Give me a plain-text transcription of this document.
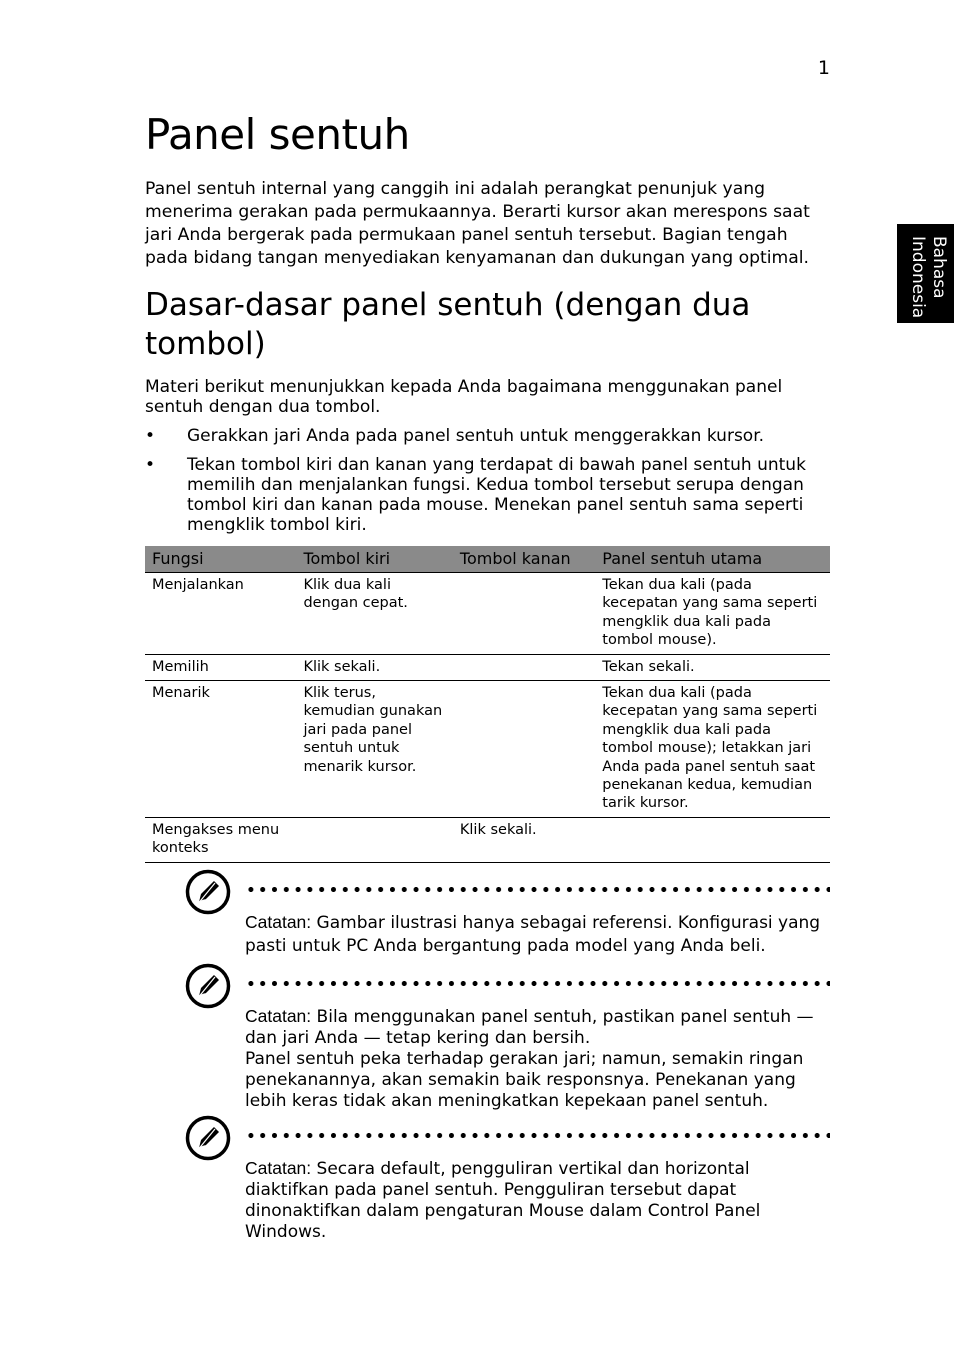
1
Bahasa Indonesia
Panel sentuh

Panel sentuh internal yang canggih ini adalah perangkat penunjuk yang menerima gerakan pada permukaannya. Berarti kursor akan merespons saat jari Anda bergerak pada permukaan panel sentuh tersebut. Bagian tengah pada bidang tangan menyediakan kenyamanan dan dukungan yang optimal.

Dasar-dasar panel sentuh (dengan dua tombol)

Materi berikut menunjukkan kepada Anda bagaimana menggunakan panel sentuh dengan dua tombol.

• Gerakkan jari Anda pada panel sentuh untuk menggerakkan kursor.
• Tekan tombol kiri dan kanan yang terdapat di bawah panel sentuh untuk memilih dan menjalankan fungsi. Kedua tombol tersebut serupa dengan tombol kiri dan kanan pada mouse. Menekan panel sentuh sama seperti mengklik tombol kiri.
Fungsi	Tombol kiri	Tombol kanan	Panel sentuh utama
Menjalankan	Klik dua kali dengan cepat.		Tekan dua kali (pada kecepatan yang sama seperti mengklik dua kali pada tombol mouse).
Memilih	Klik sekali.		Tekan sekali.
Menarik	Klik terus, kemudian gunakan jari pada panel sentuh untuk menarik kursor.		Tekan dua kali (pada kecepatan yang sama seperti mengklik dua kali pada tombol mouse); letakkan jari Anda pada panel sentuh saat penekanan kedua, kemudian tarik kursor.
Mengakses menu konteks		Klik sekali.	
Catatan: Gambar ilustrasi hanya sebagai referensi. Konfigurasi yang pasti untuk PC Anda bergantung pada model yang Anda beli.
Catatan: Bila menggunakan panel sentuh, pastikan panel sentuh — dan jari Anda — tetap kering dan bersih.
Panel sentuh peka terhadap gerakan jari; namun, semakin ringan penekanannya, akan semakin baik responsnya. Penekanan yang lebih keras tidak akan meningkatkan kepekaan panel sentuh.
Catatan: Secara default, pengguliran vertikal dan horizontal diaktifkan pada panel sentuh. Pengguliran tersebut dapat dinonaktifkan dalam pengaturan Mouse dalam Control Panel Windows.
